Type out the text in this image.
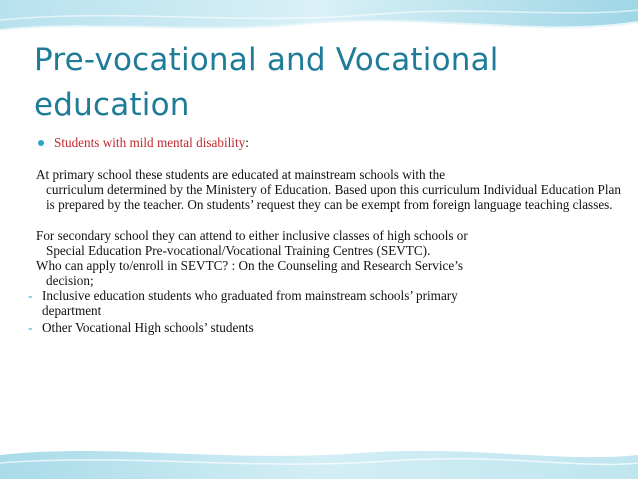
Pre-vocational and Vocational education
Students with mild mental disability :

At primary school these students are educated at mainstream schools with the

curriculum determined by the Ministery of Education. Based upon this curriculum Individual Education Plan is prepared by the teacher. On students’ request they can be exempt from foreign language teaching classes.

For secondary school they can attend to either inclusive classes of high schools or

Special Education Pre-vocational/Vocational Training Centres (SEVTC).

Who can apply to/enroll in SEVTC? : On the Counseling and Research Service’s

decision;

- Inclusive education students who graduated from mainstream schools’ primary
department
- Other Vocational High schools’ students
